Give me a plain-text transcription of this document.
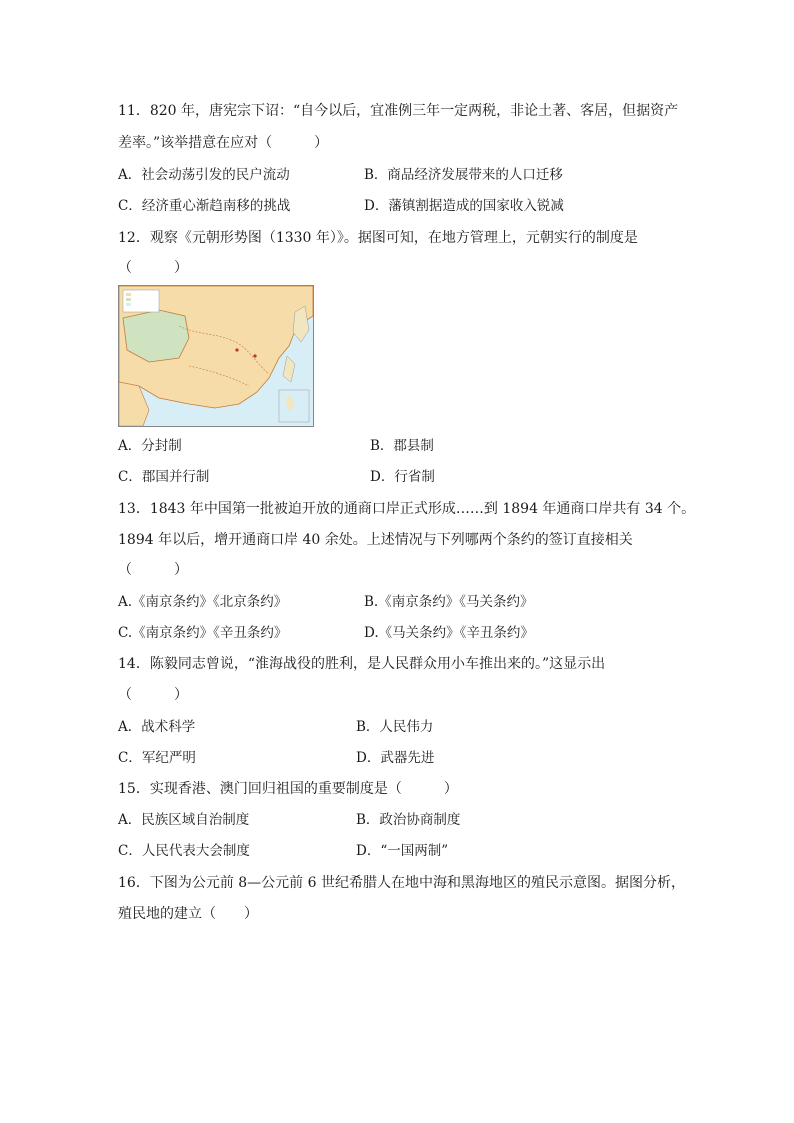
11．820 年，唐宪宗下诏：“自今以后，宜准例三年一定两税，非论土著、客居，但据资产
差率。”该举措意在应对（　　　）
A．社会动荡引发的民户流动	B．商品经济发展带来的人口迁移
C．经济重心渐趋南移的挑战	D．藩镇割据造成的国家收入锐减
12．观察《元朝形势图（1330 年）》。据图可知，在地方管理上，元朝实行的制度是
（　　　）
A．分封制	B．郡县制
C．郡国并行制	D．行省制
13．1843 年中国第一批被迫开放的通商口岸正式形成……到 1894 年通商口岸共有 34 个。
1894 年以后，增开通商口岸 40 余处。上述情况与下列哪两个条约的签订直接相关
（　　　）
A.《南京条约》《北京条约》	B.《南京条约》《马关条约》
C.《南京条约》《辛丑条约》	D.《马关条约》《辛丑条约》
14．陈毅同志曾说，“淮海战役的胜利，是人民群众用小车推出来的。”这显示出
（　　　）
A．战术科学	B．人民伟力
C．军纪严明	D．武器先进
15．实现香港、澳门回归祖国的重要制度是（　　　）
A．民族区域自治制度	B．政治协商制度
C．人民代表大会制度	D．“一国两制”
16．下图为公元前 8—公元前 6 世纪希腊人在地中海和黑海地区的殖民示意图。据图分析，
殖民地的建立（　　）
